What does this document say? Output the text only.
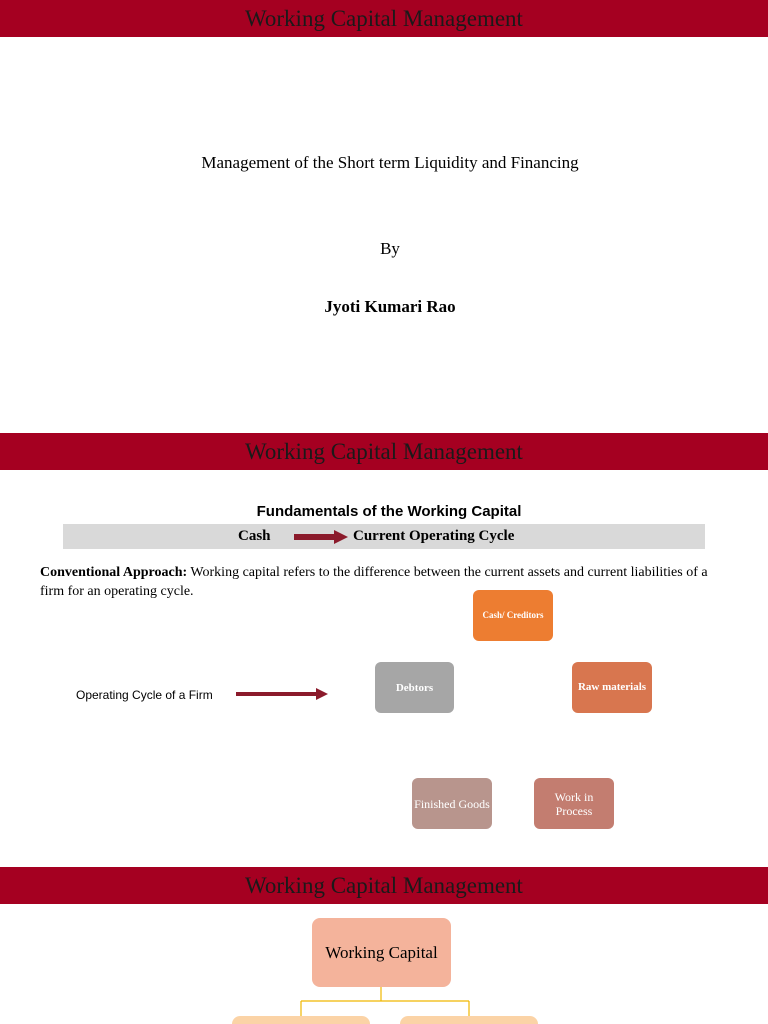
Working Capital Management
Management of the Short term Liquidity and Financing
By
Jyoti Kumari Rao
Working Capital Management
Fundamentals of the Working Capital
Cash	Current Operating Cycle
Conventional Approach: Working capital refers to the difference between the current assets and current liabilities of a firm for an operating cycle.
Operating Cycle of a Firm
Cash/ Creditors
Debtors	Raw materials
Finished Goods	Work in Process
Working Capital Management
Working Capital
